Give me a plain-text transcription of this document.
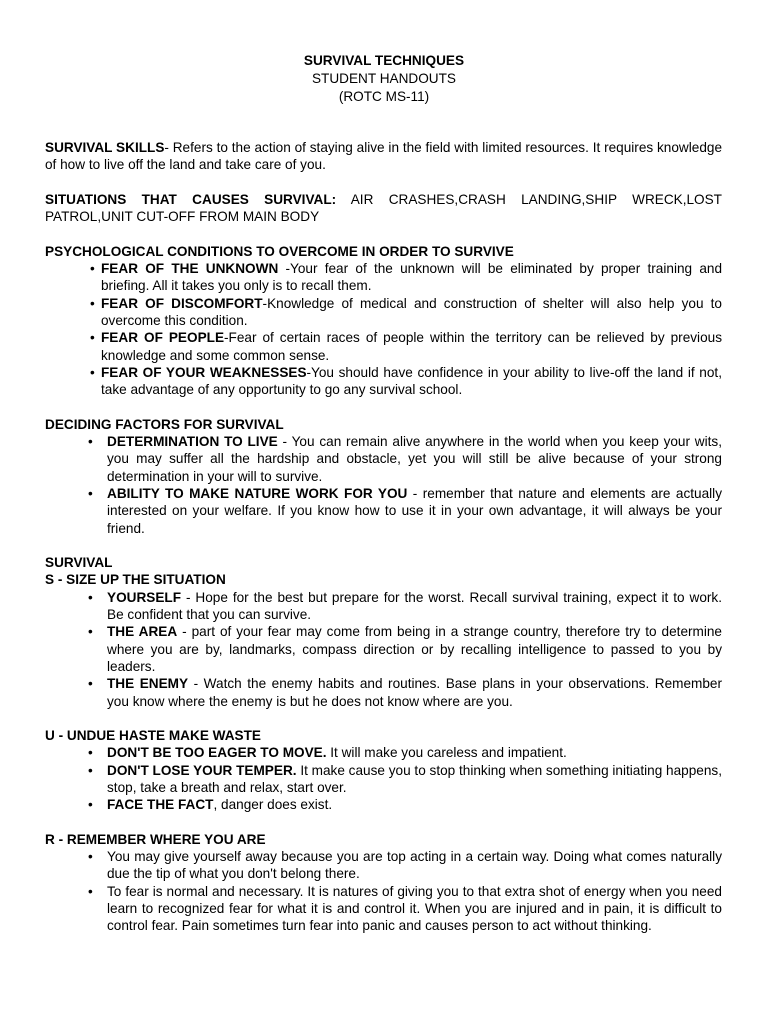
SURVIVAL TECHNIQUES
STUDENT HANDOUTS
(ROTC MS-11)

SURVIVAL SKILLS- Refers to the action of staying alive in the field with limited resources. It requires knowledge of how to live off the land and take care of you.

SITUATIONS THAT CAUSES SURVIVAL: AIR CRASHES,CRASH LANDING,SHIP WRECK,LOST PATROL,UNIT CUT-OFF FROM MAIN BODY

PSYCHOLOGICAL CONDITIONS TO OVERCOME IN ORDER TO SURVIVE

• FEAR OF THE UNKNOWN -Your fear of the unknown will be eliminated by proper training and briefing. All it takes you only is to recall them.
• FEAR OF DISCOMFORT-Knowledge of medical and construction of shelter will also help you to overcome this condition.
• FEAR OF PEOPLE-Fear of certain races of people within the territory can be relieved by previous knowledge and some common sense.
• FEAR OF YOUR WEAKNESSES-You should have confidence in your ability to live-off the land if not, take advantage of any opportunity to go any survival school.

DECIDING FACTORS FOR SURVIVAL

• DETERMINATION TO LIVE - You can remain alive anywhere in the world when you keep your wits, you may suffer all the hardship and obstacle, yet you will still be alive because of your strong determination in your will to survive.
• ABILITY TO MAKE NATURE WORK FOR YOU - remember that nature and elements are actually interested on your welfare. If you know how to use it in your own advantage, it will always be your friend.

SURVIVAL

S - SIZE UP THE SITUATION

• YOURSELF - Hope for the best but prepare for the worst. Recall survival training, expect it to work. Be confident that you can survive.
• THE AREA - part of your fear may come from being in a strange country, therefore try to determine where you are by, landmarks, compass direction or by recalling intelligence to passed to you by leaders.
• THE ENEMY - Watch the enemy habits and routines. Base plans in your observations. Remember you know where the enemy is but he does not know where are you.

U - UNDUE HASTE MAKE WASTE

• DON'T BE TOO EAGER TO MOVE. It will make you careless and impatient.
• DON'T LOSE YOUR TEMPER. It make cause you to stop thinking when something initiating happens, stop, take a breath and relax, start over.
• FACE THE FACT, danger does exist.

R - REMEMBER WHERE YOU ARE

• You may give yourself away because you are top acting in a certain way. Doing what comes naturally due the tip of what you don't belong there.
• To fear is normal and necessary. It is natures of giving you to that extra shot of energy when you need learn to recognized fear for what it is and control it. When you are injured and in pain, it is difficult to control fear. Pain sometimes turn fear into panic and causes person to act without thinking.
